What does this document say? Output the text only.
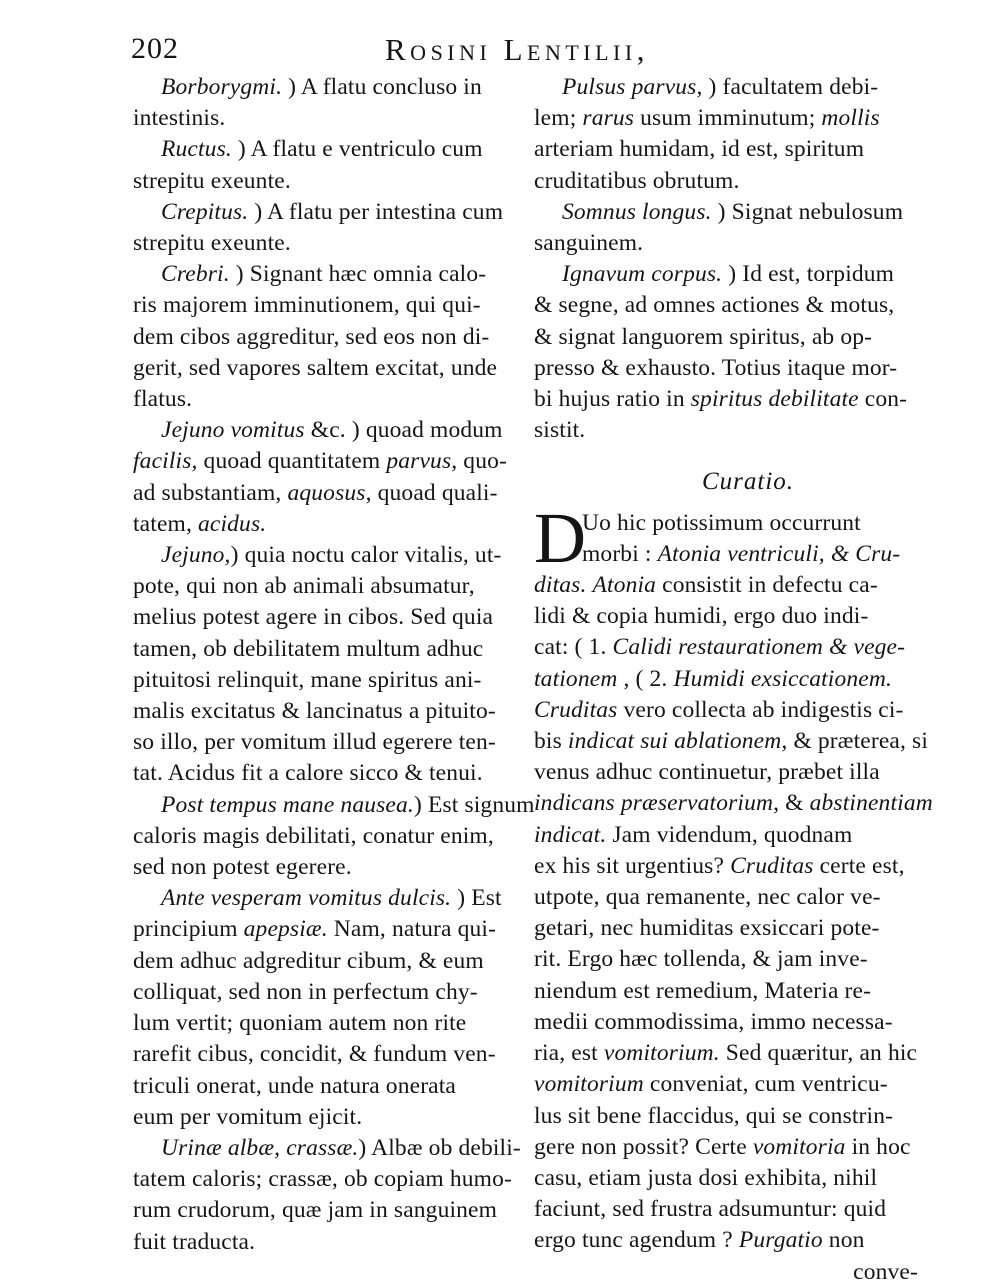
202	Rosini Lentilii,
Borborygmi. ) A flatu concluso in
intestinis.
Ructus. ) A flatu e ventriculo cum
strepitu exeunte.
Crepitus. ) A flatu per intestina cum
strepitu exeunte.
Crebri. ) Signant hæc omnia calo-
ris majorem imminutionem, qui qui-
dem cibos aggreditur, sed eos non di-
gerit, sed vapores saltem excitat, unde
flatus.
Jejuno vomitus &c. ) quoad modum
facilis, quoad quantitatem parvus, quo-
ad substantiam, aquosus, quoad quali-
tatem, acidus.
Jejuno,) quia noctu calor vitalis, ut-
pote, qui non ab animali absumatur,
melius potest agere in cibos. Sed quia
tamen, ob debilitatem multum adhuc
pituitosi relinquit, mane spiritus ani-
malis excitatus & lancinatus a pituito-
so illo, per vomitum illud egerere ten-
tat. Acidus fit a calore sicco & tenui.
Post tempus mane nausea.) Est signum
caloris magis debilitati, conatur enim,
sed non potest egerere.
Ante vesperam vomitus dulcis. ) Est
principium apepsiæ. Nam, natura qui-
dem adhuc adgreditur cibum, & eum
colliquat, sed non in perfectum chy-
lum vertit; quoniam autem non rite
rarefit cibus, concidit, & fundum ven-
triculi onerat, unde natura onerata
eum per vomitum ejicit.
Urinæ albæ, crassæ.) Albæ ob debili-
tatem caloris; crassæ, ob copiam humo-
rum crudorum, quæ jam in sanguinem
fuit traducta.
Pulsus parvus, ) facultatem debi-
lem; rarus usum imminutum; mollis
arteriam humidam, id est, spiritum
cruditatibus obrutum.
Somnus longus. ) Signat nebulosum
sanguinem.
Ignavum corpus. ) Id est, torpidum
& segne, ad omnes actiones & motus,
& signat languorem spiritus, ab op-
presso & exhausto. Totius itaque mor-
bi hujus ratio in spiritus debilitate con-
sistit.
Curatio.
D
Uo hic potissimum occurrunt
morbi : Atonia ventriculi, & Cru-
ditas. Atonia consistit in defectu ca-
lidi & copia humidi, ergo duo indi-
cat: ( 1. Calidi restaurationem & vege-
tationem , ( 2. Humidi exsiccationem.
Cruditas vero collecta ab indigestis ci-
bis indicat sui ablationem, & præterea, si
venus adhuc continuetur, præbet illa
indicans præservatorium, & abstinentiam
indicat. Jam videndum, quodnam
ex his sit urgentius? Cruditas certe est,
utpote, qua remanente, nec calor ve-
getari, nec humiditas exsiccari pote-
rit. Ergo hæc tollenda, & jam inve-
niendum est remedium, Materia re-
medii commodissima, immo necessa-
ria, est vomitorium. Sed quæritur, an hic
vomitorium conveniat, cum ventricu-
lus sit bene flaccidus, qui se constrin-
gere non possit? Certe vomitoria in hoc
casu, etiam justa dosi exhibita, nihil
faciunt, sed frustra adsumuntur: quid
ergo tunc agendum ? Purgatio non
conve-
